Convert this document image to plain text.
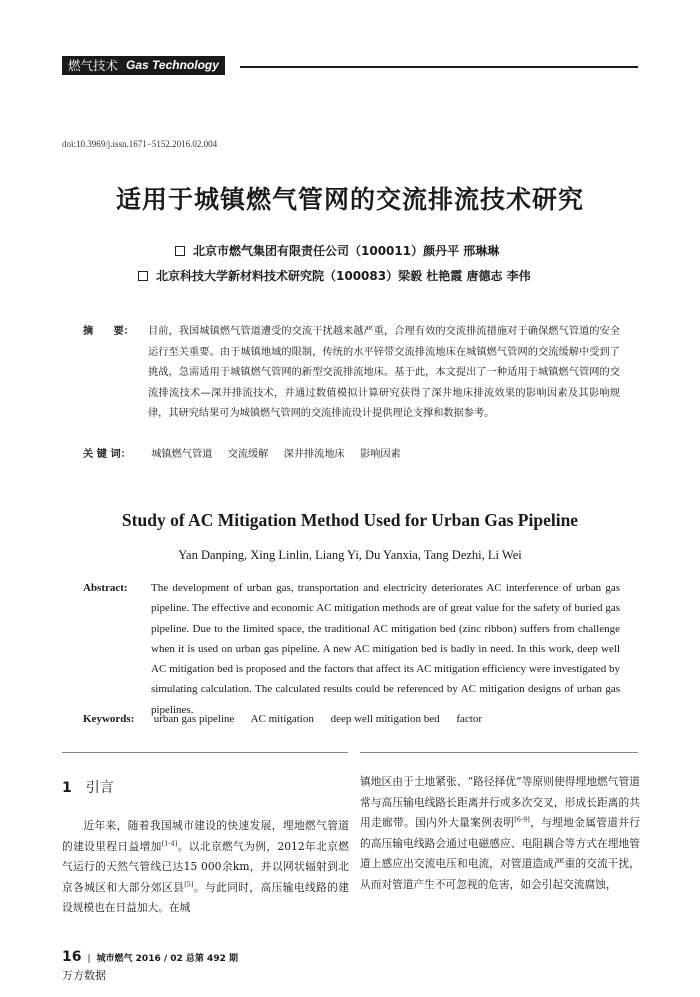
燃气技术 Gas Technology
doi:10.3969/j.issn.1671−5152.2016.02.004
适用于城镇燃气管网的交流排流技术研究
北京市燃气集团有限责任公司（100011）颜丹平 邢琳琳
北京科技大学新材料技术研究院（100083）梁毅 杜艳霞 唐德志 李伟
摘　　要：	目前，我国城镇燃气管道遭受的交流干扰越来越严重，合理有效的交流排流措施对于确保燃气管道的安全运行至关重要。由于城镇地域的限制，传统的水平锌带交流排流地床在城镇燃气管网的交流缓解中受到了挑战，急需适用于城镇燃气管网的新型交流排流地床。基于此，本文提出了一种适用于城镇燃气管网的交流排流技术—深井排流技术，并通过数值模拟计算研究获得了深井地床排流效果的影响因素及其影响规律，其研究结果可为城镇燃气管网的交流排流设计提供理论支撑和数据参考。
关 键 词： 城镇燃气管道 交流缓解 深井排流地床 影响因素
Study of AC Mitigation Method Used for Urban Gas Pipeline
Yan Danping, Xing Linlin, Liang Yi, Du Yanxia, Tang Dezhi, Li Wei
Abstract: The development of urban gas, transportation and electricity deteriorates AC interference of urban gas pipeline. The effective and economic AC mitigation methods are of great value for the safety of buried gas pipeline. Due to the limited space, the traditional AC mitigation bed (zinc ribbon) suffers from challenge when it is used on urban gas pipeline. A new AC mitigation bed is badly in need. In this work, deep well AC mitigation bed is proposed and the factors that affect its AC mitigation efficiency were investigated by simulating calculation. The calculated results could be referenced by AC mitigation designs of urban gas pipelines.
Keywords: urban gas pipeline AC mitigation deep well mitigation bed factor
1 引言

近年来，随着我国城市建设的快速发展，埋地燃气管道的建设里程日益增加[1-4]。以北京燃气为例，2012年北京燃气运行的天然气管线已达15 000余km，并以网状辐射到北京各城区和大部分郊区县[5]。与此同时，高压输电线路的建设规模也在日益加大。在城

镇地区由于土地紧张、“路径择优”等原则使得埋地燃气管道常与高压输电线路长距离并行或多次交叉，形成长距离的共用走廊带。国内外大量案例表明[6-9]，与埋地金属管道并行的高压输电线路会通过电磁感应、电阻耦合等方式在埋地管道上感应出交流电压和电流，对管道造成严重的交流干扰，从而对管道产生不可忽视的危害，如会引起交流腐蚀，

16 | 城市燃气 2016 / 02 总第 492 期
万方数据
